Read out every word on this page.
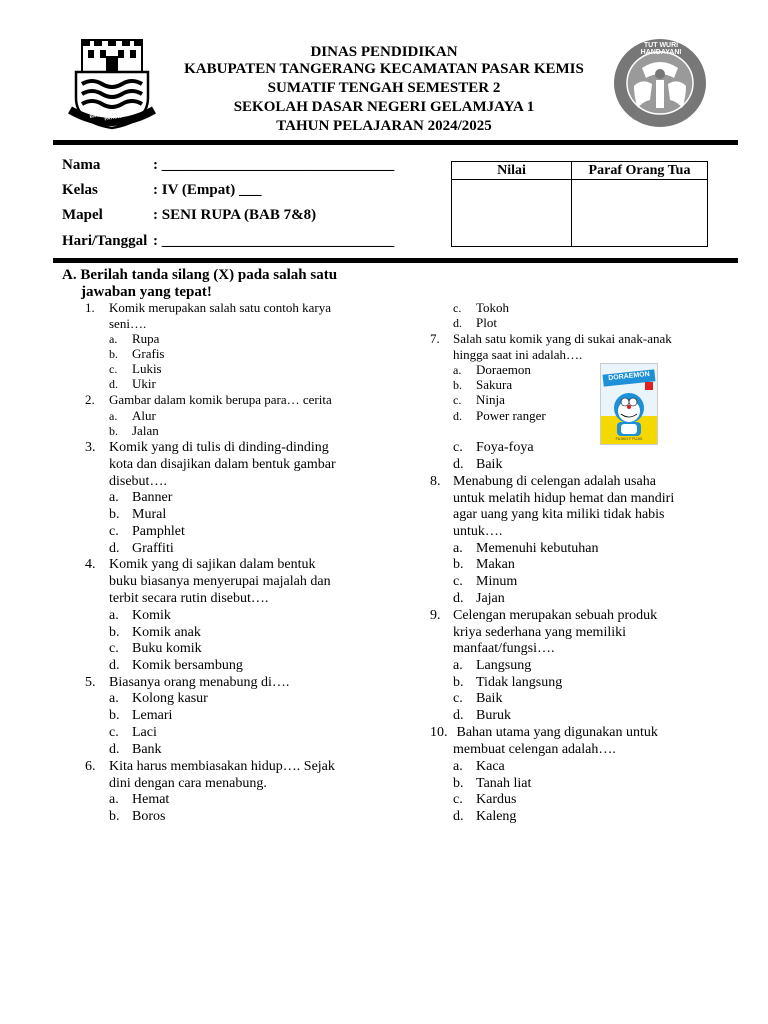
BAYA KARYA BHAKTI PAYANG
TUT WURI HANDAYANI
DINAS PENDIDIKAN
KABUPATEN TANGERANG KECAMATAN PASAR KEMIS
SUMATIF TENGAH SEMESTER 2
SEKOLAH DASAR NEGERI GELAMJAYA 1
TAHUN PELAJARAN 2024/2025
Nama	: _______________________________
Kelas	: IV (Empat) ___
Mapel	: SENI RUPA (BAB 7&8)
Hari/Tanggal : _______________________________
Nilai	Paraf Orang Tua

A. Berilah tanda silang (X) pada salah satu
jawaban yang tepat!
1. Komik merupakan salah satu contoh karya
seni….
a. Rupa
b. Grafis
c. Lukis
d. Ukir
2. Gambar dalam komik berupa para… cerita
a. Alur
b. Jalan
c. Tokoh
d. Plot
3. Komik yang di tulis di dinding-dinding
kota dan disajikan dalam bentuk gambar
disebut….
a. Banner
b. Mural
c. Pamphlet
d. Graffiti
4. Komik yang di sajikan dalam bentuk
buku biasanya menyerupai majalah dan
terbit secara rutin disebut….
a. Komik
b. Komik anak
c. Buku komik
d. Komik bersambung
5. Biasanya orang menabung di….
a. Kolong kasur
b. Lemari
c. Laci
d. Bank
6. Kita harus membiasakan hidup…. Sejak
dini dengan cara menabung.
a. Hemat
b. Boros
c. Foya-foya
d. Baik
7. Salah satu komik yang di sukai anak-anak
hingga saat ini adalah….
a. Doraemon
b. Sakura
c. Ninja
d. Power ranger
DORAEMON
FUJIKO F FUJIO
8. Menabung di celengan adalah usaha
untuk melatih hidup hemat dan mandiri
agar uang yang kita miliki tidak habis
untuk….
a. Memenuhi kebutuhan
b. Makan
c. Minum
d. Jajan
9. Celengan merupakan sebuah produk
kriya sederhana yang memiliki
manfaat/fungsi….
a. Langsung
b. Tidak langsung
c. Baik
d. Buruk
10. Bahan utama yang digunakan untuk
membuat celengan adalah….
a. Kaca
b. Tanah liat
c. Kardus
d. Kaleng
